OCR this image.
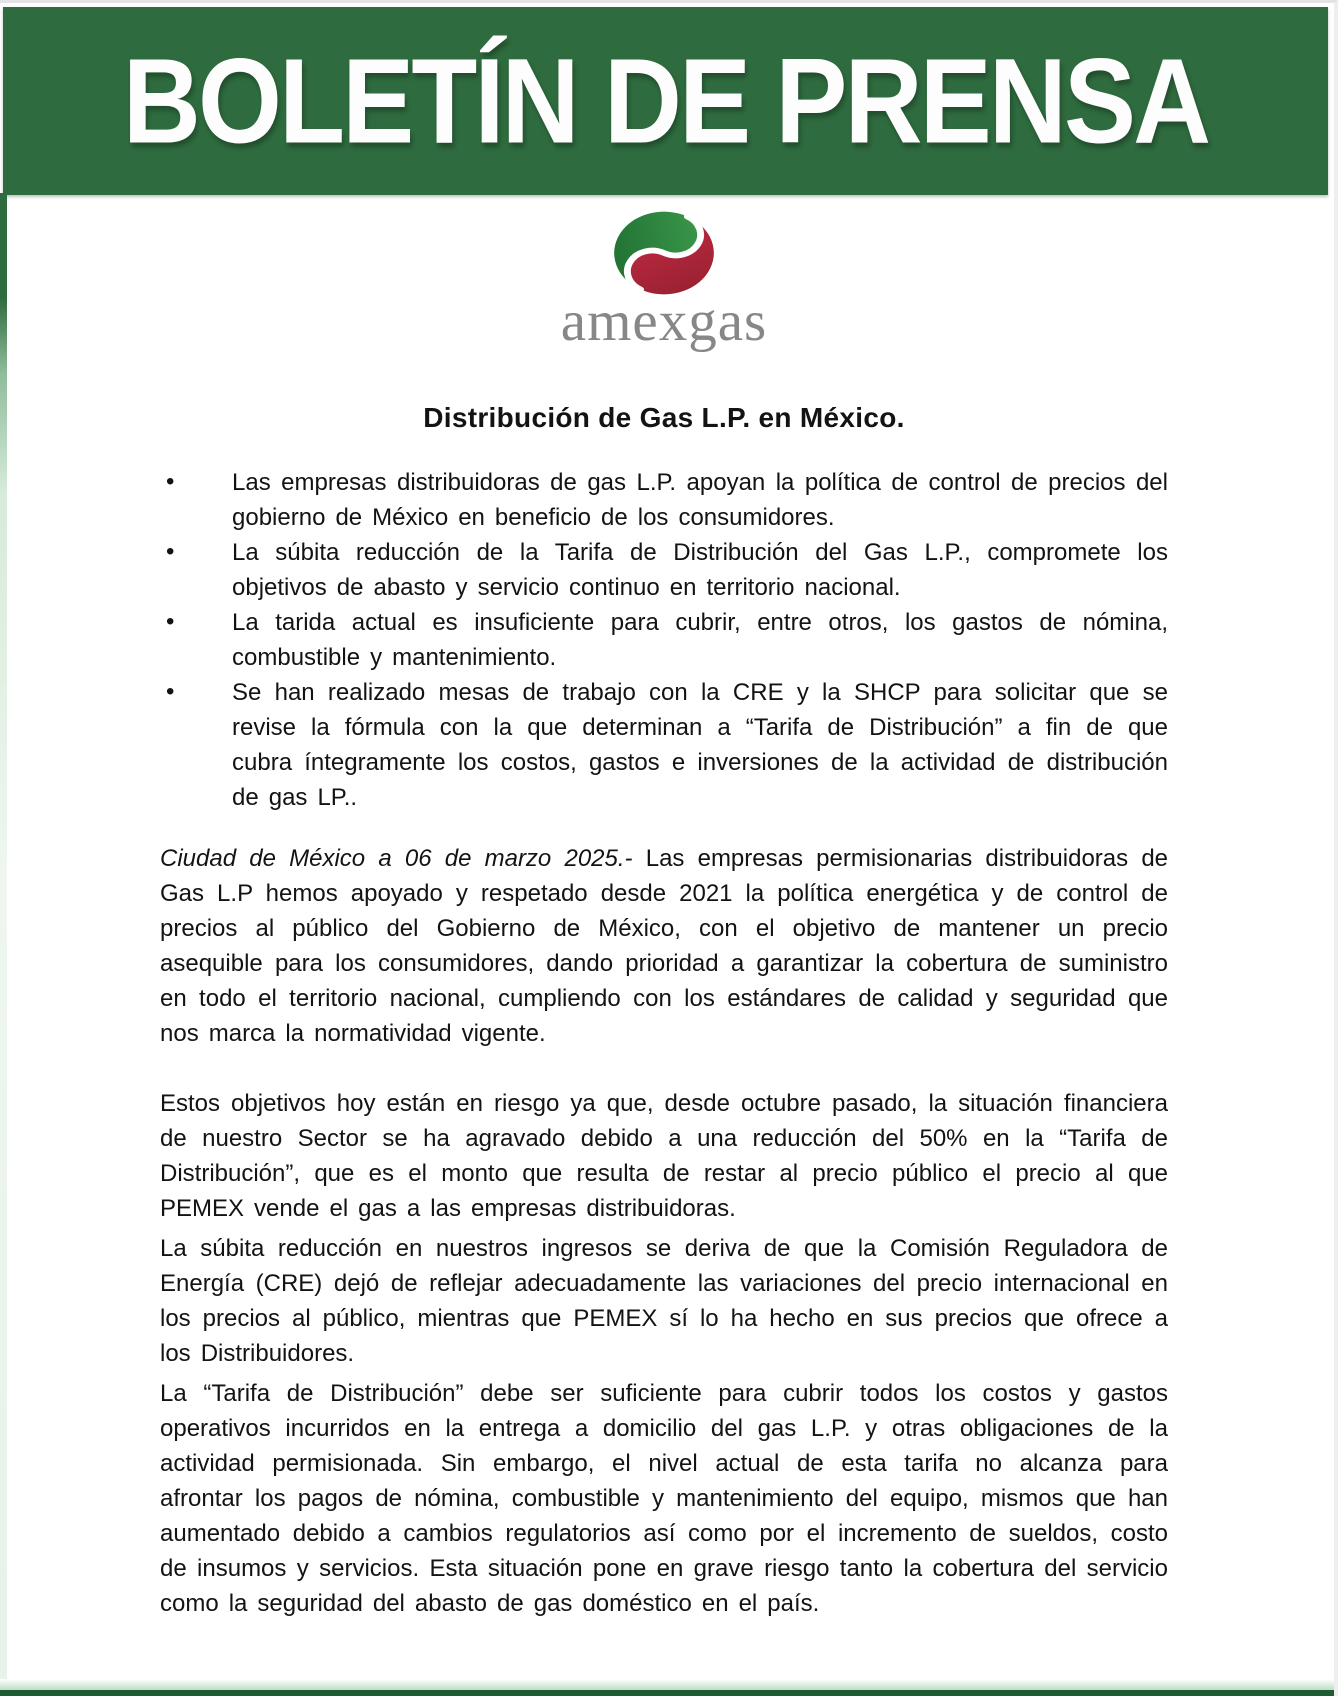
BOLETÍN DE PRENSA
amexgas
Distribución de Gas L.P. en México.
• Las empresas distribuidoras de gas L.P. apoyan la política de control de precios del gobierno de México en beneficio de los consumidores.
• La súbita reducción de la Tarifa de Distribución del Gas L.P., compromete los objetivos de abasto y servicio continuo en territorio nacional.
• La tarida actual es insuficiente para cubrir, entre otros, los gastos de nómina, combustible y mantenimiento.
• Se han realizado mesas de trabajo con la CRE y la SHCP para solicitar que se revise la fórmula con la que determinan a “Tarifa de Distribución” a fin de que cubra íntegramente los costos, gastos e inversiones de la actividad de distribución de gas LP..

Ciudad de México a 06 de marzo 2025.- Las empresas permisionarias distribuidoras de Gas L.P hemos apoyado y respetado desde 2021 la política energética y de control de precios al público del Gobierno de México, con el objetivo de mantener un precio asequible para los consumidores, dando prioridad a garantizar la cobertura de suministro en todo el territorio nacional, cumpliendo con los estándares de calidad y seguridad que nos marca la normatividad vigente.

Estos objetivos hoy están en riesgo ya que, desde octubre pasado, la situación financiera de nuestro Sector se ha agravado debido a una reducción del 50% en la “Tarifa de Distribución”, que es el monto que resulta de restar al precio público el precio al que PEMEX vende el gas a las empresas distribuidoras.

La súbita reducción en nuestros ingresos se deriva de que la Comisión Reguladora de Energía (CRE) dejó de reflejar adecuadamente las variaciones del precio internacional en los precios al público, mientras que PEMEX sí lo ha hecho en sus precios que ofrece a los Distribuidores.

La “Tarifa de Distribución” debe ser suficiente para cubrir todos los costos y gastos operativos incurridos en la entrega a domicilio del gas L.P. y otras obligaciones de la actividad permisionada. Sin embargo, el nivel actual de esta tarifa no alcanza para afrontar los pagos de nómina, combustible y mantenimiento del equipo, mismos que han aumentado debido a cambios regulatorios así como por el incremento de sueldos, costo de insumos y servicios. Esta situación pone en grave riesgo tanto la cobertura del servicio como la seguridad del abasto de gas doméstico en el país.
